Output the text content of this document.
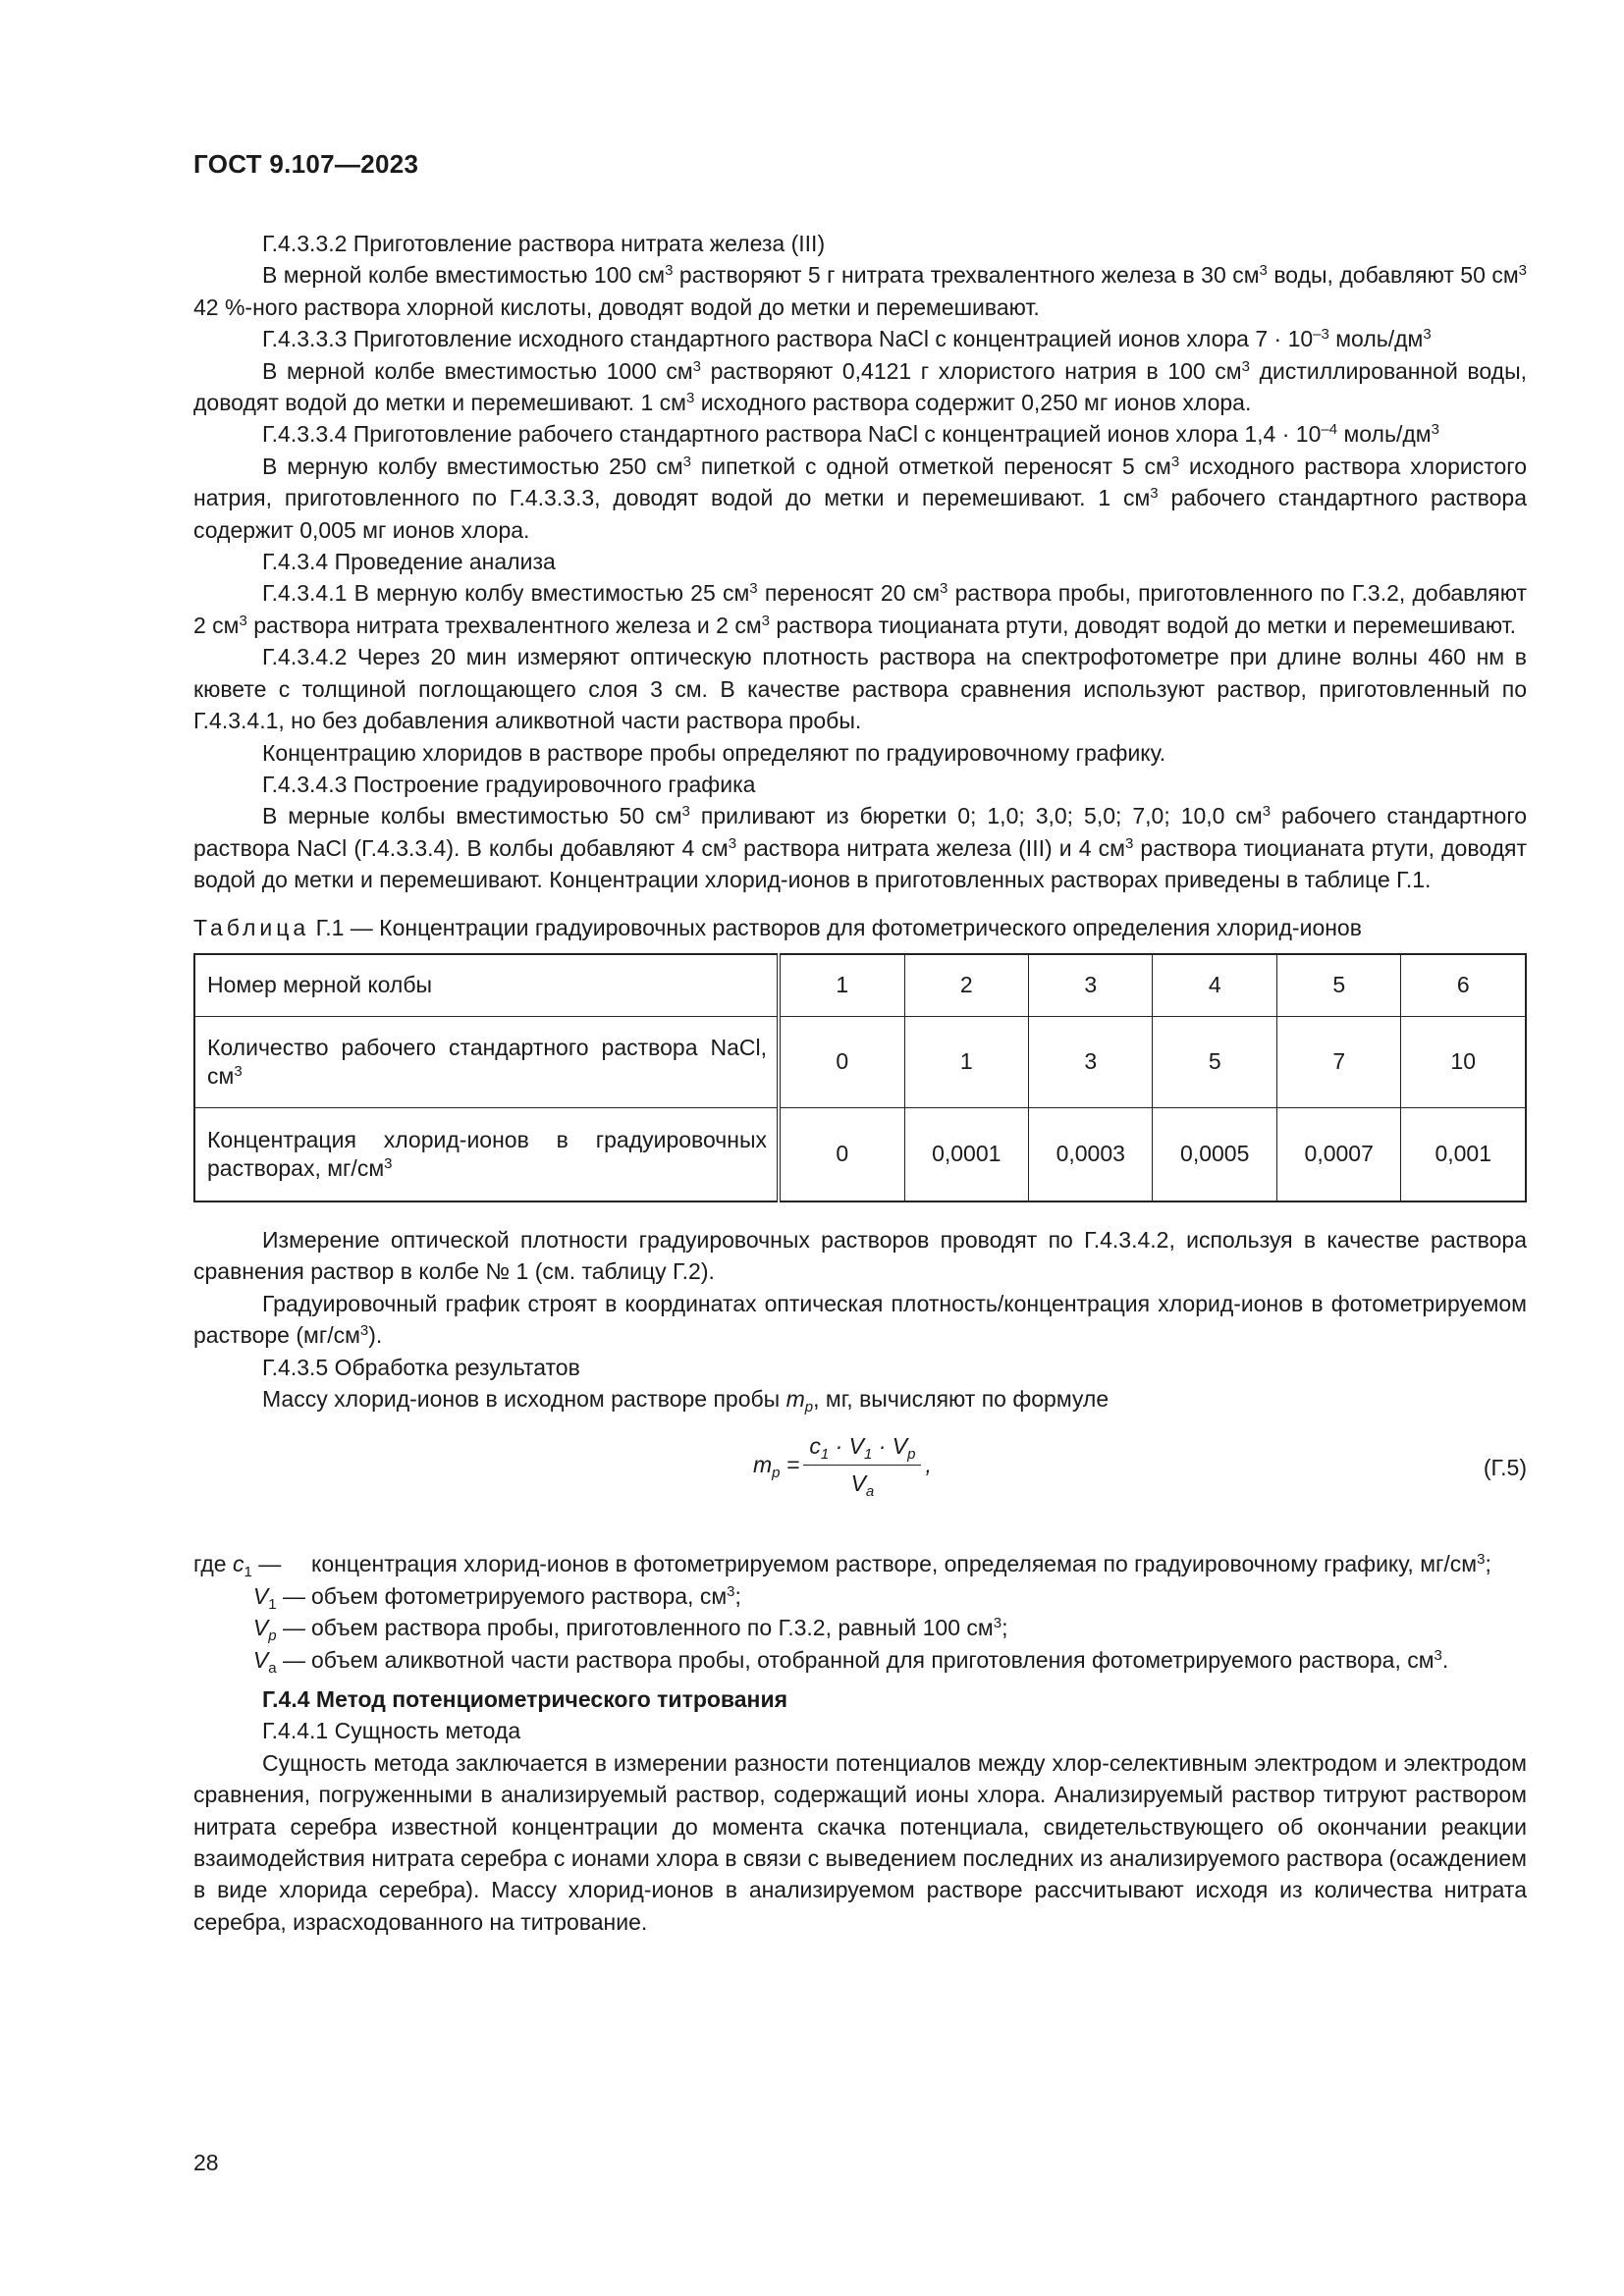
ГОСТ 9.107—2023
Г.4.3.3.2 Приготовление раствора нитрата железа (III)
В мерной колбе вместимостью 100 $см^3$ растворяют 5 г нитрата трехвалентного железа в 30 $см^3$ воды, добавляют 50 $см^3$ 42 %-ного раствора хлорной кислоты, доводят водой до метки и перемешивают.
Г.4.3.3.3 Приготовление исходного стандартного раствора NaCl с концентрацией ионов хлора $7 \cdot 10^{-3}$ моль/$дм^3$
В мерной колбе вместимостью 1000 $см^3$ растворяют 0,4121 г хлористого натрия в 100 $см^3$ дистиллированной воды, доводят водой до метки и перемешивают. 1 $см^3$ исходного раствора содержит 0,250 мг ионов хлора.
Г.4.3.3.4 Приготовление рабочего стандартного раствора NaCl с концентрацией ионов хлора $1,4 \cdot 10^{-4}$ моль/$дм^3$
В мерную колбу вместимостью 250 $см^3$ пипеткой с одной отметкой переносят 5 $см^3$ исходного раствора хлористого натрия, приготовленного по Г.4.3.3.3, доводят водой до метки и перемешивают. 1 $см^3$ рабочего стандартного раствора содержит 0,005 мг ионов хлора.
Г.4.3.4 Проведение анализа
Г.4.3.4.1 В мерную колбу вместимостью 25 $см^3$ переносят 20 $см^3$ раствора пробы, приготовленного по Г.3.2, добавляют 2 $см^3$ раствора нитрата трехвалентного железа и 2 $см^3$ раствора тиоцианата ртути, доводят водой до метки и перемешивают.
Г.4.3.4.2 Через 20 мин измеряют оптическую плотность раствора на спектрофотометре при длине волны 460 нм в кювете с толщиной поглощающего слоя 3 см. В качестве раствора сравнения используют раствор, приготовленный по Г.4.3.4.1, но без добавления аликвотной части раствора пробы.
Концентрацию хлоридов в растворе пробы определяют по градуировочному графику.
Г.4.3.4.3 Построение градуировочного графика
В мерные колбы вместимостью 50 $см^3$ приливают из бюретки 0; 1,0; 3,0; 5,0; 7,0; 10,0 $см^3$ рабочего стандартного раствора NaCl (Г.4.3.3.4). В колбы добавляют 4 $см^3$ раствора нитрата железа (III) и 4 $см^3$ раствора тиоцианата ртути, доводят водой до метки и перемешивают. Концентрации хлорид-ионов в приготовленных растворах приведены в таблице Г.1.
Таблица Г.1 — Концентрации градуировочных растворов для фотометрического определения хлорид-ионов
Номер мерной колбы	1	2	3	4	5	6
Количество рабочего стандартного раствора NaCl, $см^3$	0	1	3	5	7	10
Концентрация хлорид-ионов в градуировочных растворах, $мг/см^3$	0	0,0001	0,0003	0,0005	0,0007	0,001
Измерение оптической плотности градуировочных растворов проводят по Г.4.3.4.2, используя в качестве раствора сравнения раствор в колбе № 1 (см. таблицу Г.2).
Градуировочный график строят в координатах оптическая плотность/концентрация хлорид-ионов в фотометрируемом растворе $(мг/см^3)$.
Г.4.3.5 Обработка результатов
Массу хлорид-ионов в исходном растворе пробы $m_p$, мг, вычисляют по формуле
$m_p = \frac{c_1 \cdot V_1 \cdot V_p}{V_a}$ ,	(Г.5)
где $c_1$ —	концентрация хлорид-ионов в фотометрируемом растворе, определяемая по градуировочному графику, $мг/см^3$;
$V_1$ — объем фотометрируемого раствора, $см^3$;
$V_p$ — объем раствора пробы, приготовленного по Г.3.2, равный 100 $см^3$;
$V_a$ — объем аликвотной части раствора пробы, отобранной для приготовления фотометрируемого раствора, $см^3$.
Г.4.4 Метод потенциометрического титрования
Г.4.4.1 Сущность метода
Сущность метода заключается в измерении разности потенциалов между хлор-селективным электродом и электродом сравнения, погруженными в анализируемый раствор, содержащий ионы хлора. Анализируемый раствор титруют раствором нитрата серебра известной концентрации до момента скачка потенциала, свидетельствующего об окончании реакции взаимодействия нитрата серебра с ионами хлора в связи с выведением последних из анализируемого раствора (осаждением в виде хлорида серебра). Массу хлорид-ионов в анализируемом растворе рассчитывают исходя из количества нитрата серебра, израсходованного на титрование.
28
